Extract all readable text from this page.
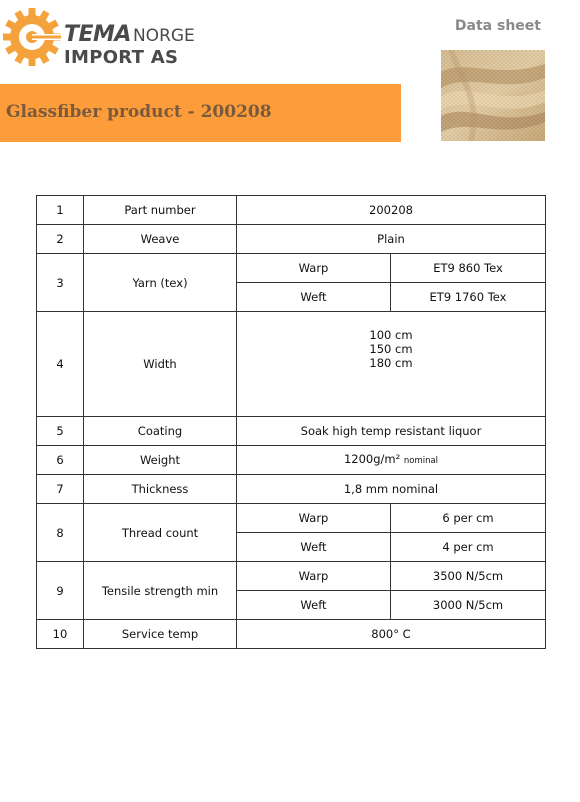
TEMA NORGE
IMPORT AS
Data sheet
Glassfiber product - 200208
1	Part number	200208	
2	Weave	Plain	
3	Yarn (tex)	Warp	ET9 860 Tex
		Weft	ET9 1760 Tex
4	Width	100 cm
150 cm
180 cm	

5	Coating	Soak high temp resistant liquor	
6	Weight	1200g/m² nominal	
7	Thickness	1,8 mm nominal	
8	Thread count	Warp	6 per cm
		Weft	4 per cm
9	Tensile strength min	Warp	3500 N/5cm
		Weft	3000 N/5cm
10	Service temp	800° C	
